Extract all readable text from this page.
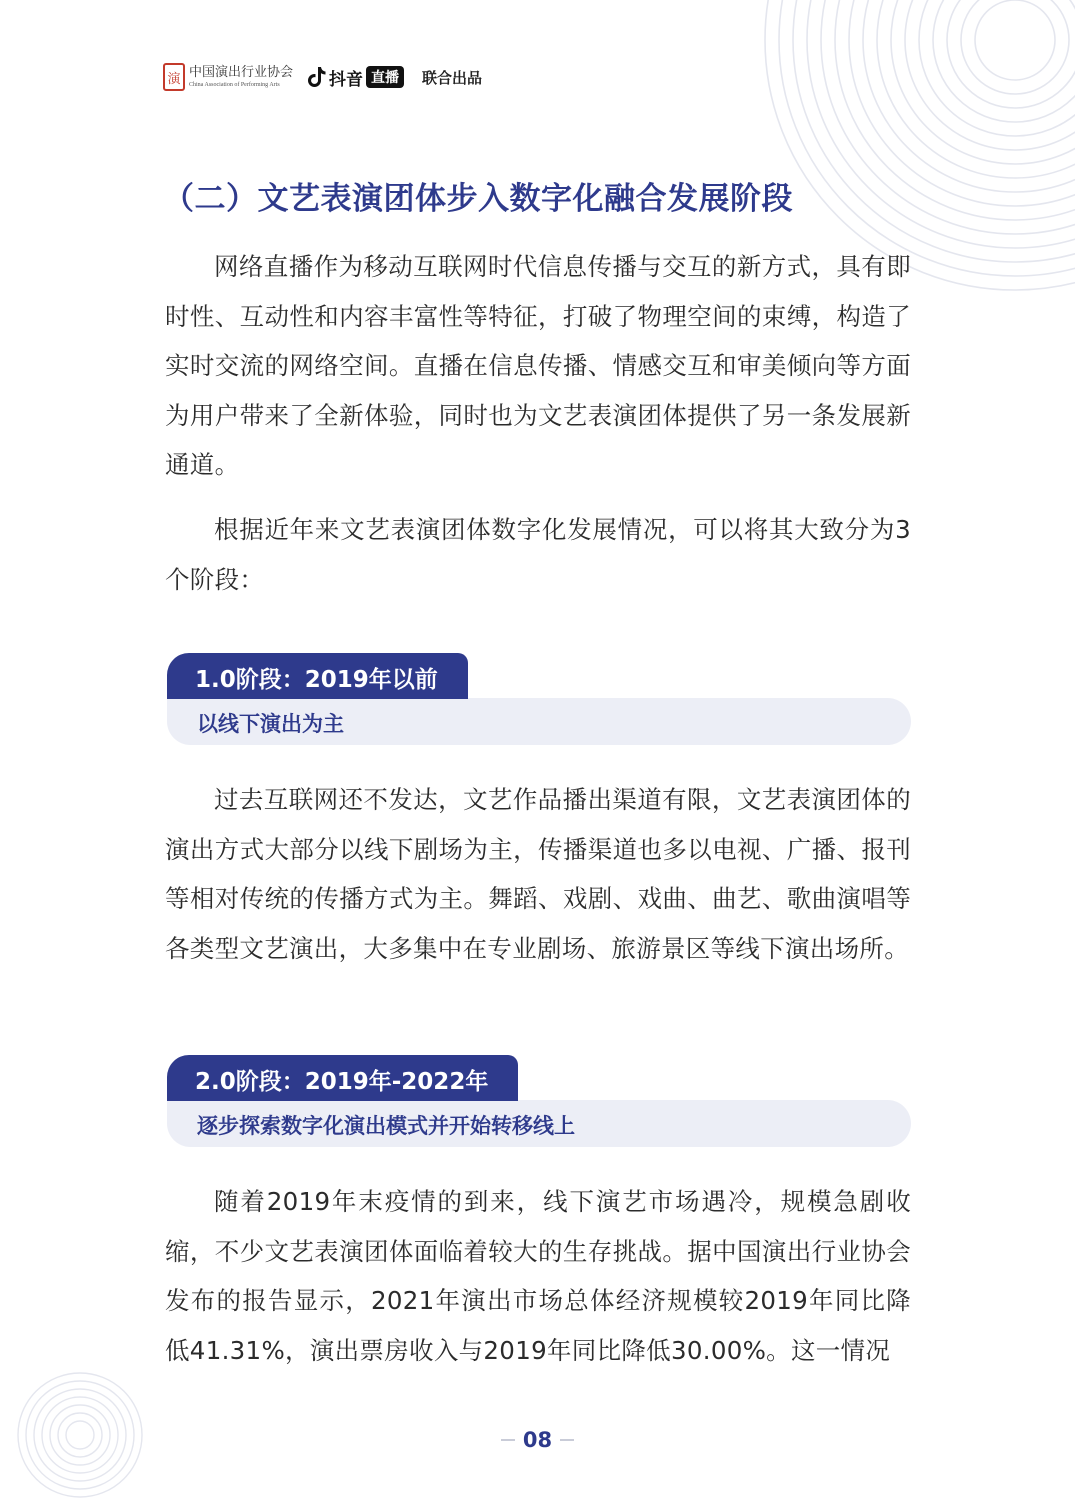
演 中国演出行业协会
China Association of Performing Arts	抖音 直播	联合出品
（二）文艺表演团体步入数字化融合发展阶段

网络直播作为移动互联网时代信息传播与交互的新方式，具有即时性、互动性和内容丰富性等特征，打破了物理空间的束缚，构造了实时交流的网络空间。直播在信息传播、情感交互和审美倾向等方面为用户带来了全新体验，同时也为文艺表演团体提供了另一条发展新通道。

根据近年来文艺表演团体数字化发展情况，可以将其大致分为3个阶段：

以线下演出为主
1.0阶段：2019年以前

过去互联网还不发达，文艺作品播出渠道有限，文艺表演团体的演出方式大部分以线下剧场为主，传播渠道也多以电视、广播、报刊等相对传统的传播方式为主。舞蹈、戏剧、戏曲、曲艺、歌曲演唱等各类型文艺演出，大多集中在专业剧场、旅游景区等线下演出场所。

逐步探索数字化演出模式并开始转移线上
2.0阶段：2019年-2022年

随着2019年末疫情的到来，线下演艺市场遇冷，规模急剧收缩，不少文艺表演团体面临着较大的生存挑战。据中国演出行业协会发布的报告显示，2021年演出市场总体经济规模较2019年同比降低41.31%，演出票房收入与2019年同比降低30.00%。这一情况

08
